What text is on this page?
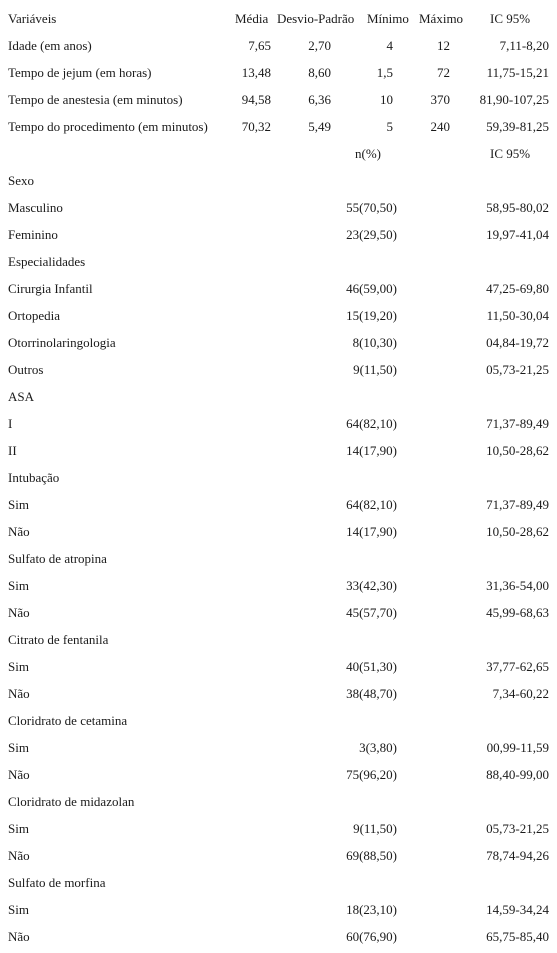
Variáveis	Média Desvio-Padrão Mínimo Máximo IC 95%
Idade (em anos)	7,65	2,70	4	12	7,11-8,20
Tempo de jejum (em horas)	13,48	8,60	1,5	72	11,75-15,21
Tempo de anestesia (em minutos)	94,58	6,36	10	370 81,90-107,25
Tempo do procedimento (em minutos)	70,32	5,49	5	240	59,39-81,25
n(%)	IC 95%
Sexo
Masculino	55(70,50)	58,95-80,02
Feminino	23(29,50)	19,97-41,04
Especialidades
Cirurgia Infantil	46(59,00)	47,25-69,80
Ortopedia	15(19,20)	11,50-30,04
Otorrinolaringologia	8(10,30)	04,84-19,72
Outros	9(11,50)	05,73-21,25
ASA
I	64(82,10)	71,37-89,49
II	14(17,90)	10,50-28,62
Intubação
Sim	64(82,10)	71,37-89,49
Não	14(17,90)	10,50-28,62
Sulfato de atropina
Sim	33(42,30)	31,36-54,00
Não	45(57,70)	45,99-68,63
Citrato de fentanila
Sim	40(51,30)	37,77-62,65
Não	38(48,70)	7,34-60,22
Cloridrato de cetamina
Sim	3(3,80)	00,99-11,59
Não	75(96,20)	88,40-99,00
Cloridrato de midazolan
Sim	9(11,50)	05,73-21,25
Não	69(88,50)	78,74-94,26
Sulfato de morfina
Sim	18(23,10)	14,59-34,24
Não	60(76,90)	65,75-85,40
